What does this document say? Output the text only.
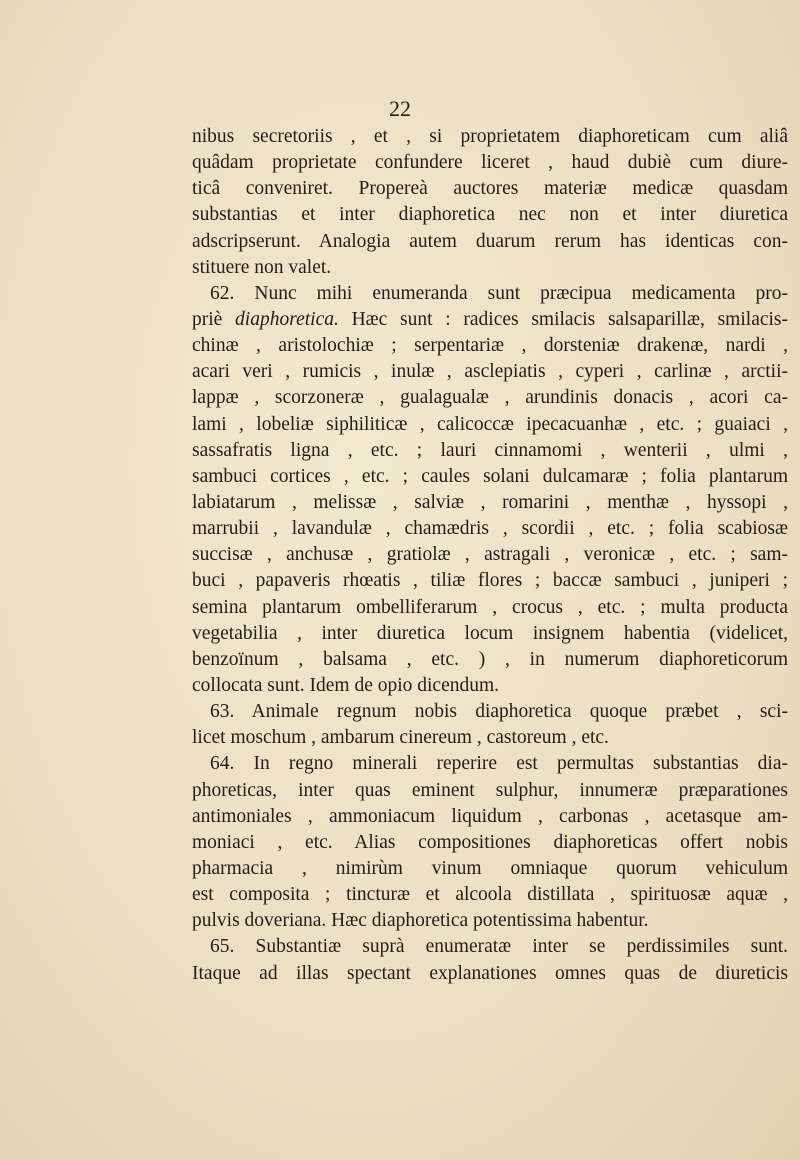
22
nibus secretoriis , et , si proprietatem diaphoreticam cum aliâ
quâdam proprietate confundere liceret , haud dubiè cum diure-
ticâ conveniret. Propereà auctores materiæ medicæ quasdam
substantias et inter diaphoretica nec non et inter diuretica
adscripserunt. Analogia autem duarum rerum has identicas con-
stituere non valet.
62. Nunc mihi enumeranda sunt præcipua medicamenta pro-
priè diaphoretica. Hæc sunt : radices smilacis salsaparillæ, smilacis-
chinæ , aristolochiæ ; serpentariæ , dorsteniæ drakenæ, nardi ,
acari veri , rumicis , inulæ , asclepiatis , cyperi , carlinæ , arctii-
lappæ , scorzoneræ , gualagualæ , arundinis donacis , acori ca-
lami , lobeliæ siphiliticæ , calicoccæ ipecacuanhæ , etc. ; guaiaci ,
sassafratis ligna , etc. ; lauri cinnamomi , wenterii , ulmi ,
sambuci cortices , etc. ; caules solani dulcamaræ ; folia plantarum
labiatarum , melissæ , salviæ , romarini , menthæ , hyssopi ,
marrubii , lavandulæ , chamædris , scordii , etc. ; folia scabiosæ
succisæ , anchusæ , gratiolæ , astragali , veronicæ , etc. ; sam-
buci , papaveris rhœatis , tiliæ flores ; baccæ sambuci , juniperi ;
semina plantarum ombelliferarum , crocus , etc. ; multa producta
vegetabilia , inter diuretica locum insignem habentia (videlicet,
benzoïnum , balsama , etc. ) , in numerum diaphoreticorum
collocata sunt. Idem de opio dicendum.
63. Animale regnum nobis diaphoretica quoque præbet , sci-
licet moschum , ambarum cinereum , castoreum , etc.
64. In regno minerali reperire est permultas substantias dia-
phoreticas, inter quas eminent sulphur, innumeræ præparationes
antimoniales , ammoniacum liquidum , carbonas , acetasque am-
moniaci , etc. Alias compositiones diaphoreticas offert nobis
pharmacia , nimirùm vinum omniaque quorum vehiculum
est composita ; tincturæ et alcoola distillata , spirituosæ aquæ ,
pulvis doveriana. Hæc diaphoretica potentissima habentur.
65. Substantiæ suprà enumeratæ inter se perdissimiles sunt.
Itaque ad illas spectant explanationes omnes quas de diureticis
